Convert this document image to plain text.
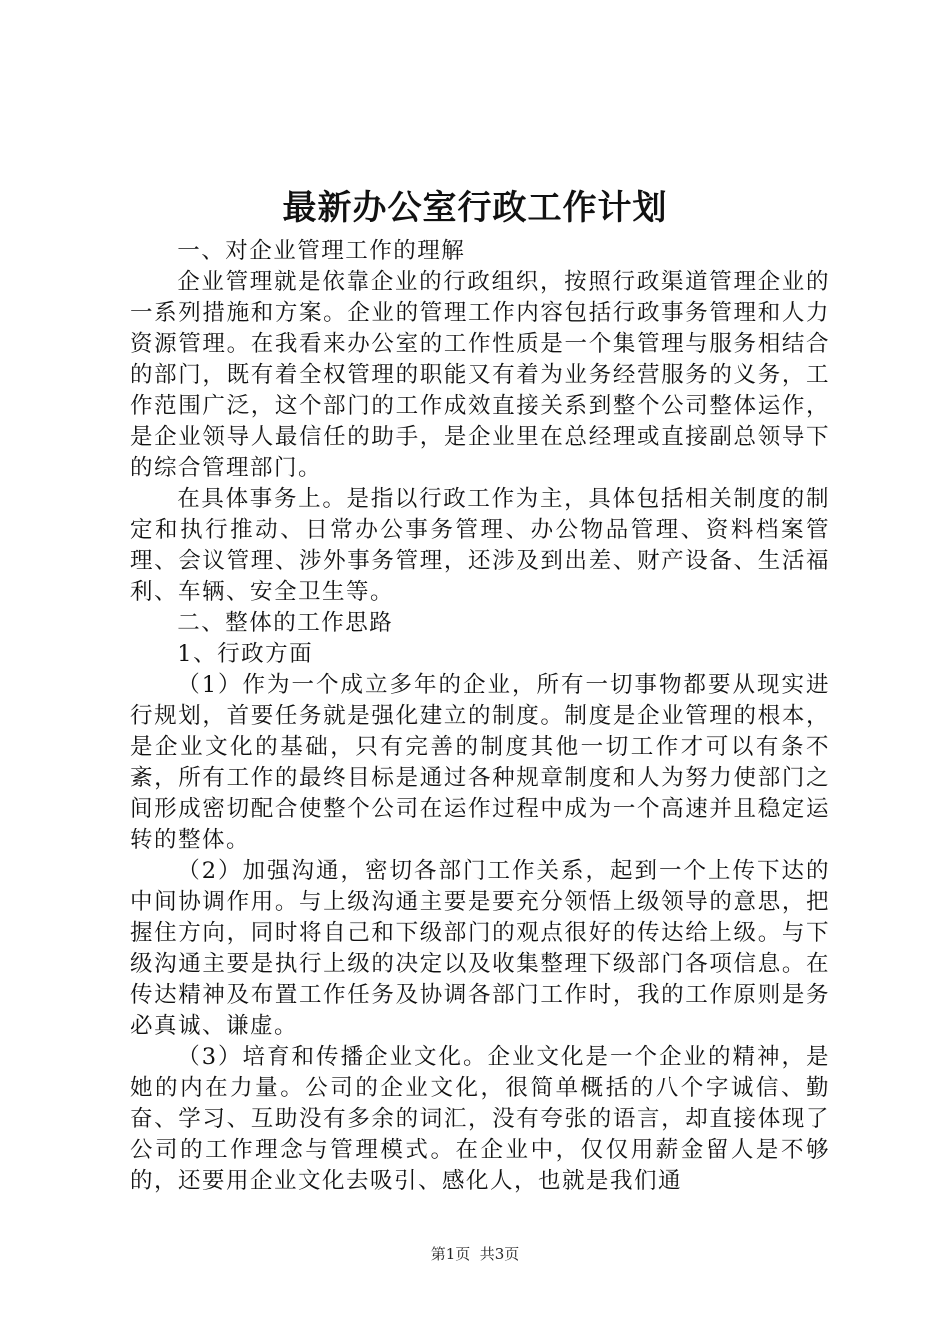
最新办公室行政工作计划

一、对企业管理工作的理解

企业管理就是依靠企业的行政组织，按照行政渠道管理企业的一系列措施和方案。企业的管理工作内容包括行政事务管理和人力资源管理。在我看来办公室的工作性质是一个集管理与服务相结合的部门，既有着全权管理的职能又有着为业务经营服务的义务，工作范围广泛，这个部门的工作成效直接关系到整个公司整体运作，是企业领导人最信任的助手，是企业里在总经理或直接副总领导下的综合管理部门。

在具体事务上。是指以行政工作为主，具体包括相关制度的制定和执行推动、日常办公事务管理、办公物品管理、资料档案管理、会议管理、涉外事务管理，还涉及到出差、财产设备、生活福利、车辆、安全卫生等。

二、整体的工作思路

1、行政方面

（1）作为一个成立多年的企业，所有一切事物都要从现实进行规划，首要任务就是强化建立的制度。制度是企业管理的根本，是企业文化的基础，只有完善的制度其他一切工作才可以有条不紊，所有工作的最终目标是通过各种规章制度和人为努力使部门之间形成密切配合使整个公司在运作过程中成为一个高速并且稳定运转的整体。

（2）加强沟通，密切各部门工作关系，起到一个上传下达的中间协调作用。与上级沟通主要是要充分领悟上级领导的意思，把握住方向，同时将自己和下级部门的观点很好的传达给上级。与下级沟通主要是执行上级的决定以及收集整理下级部门各项信息。在传达精神及布置工作任务及协调各部门工作时，我的工作原则是务必真诚、谦虚。

（3）培育和传播企业文化。企业文化是一个企业的精神，是她的内在力量。公司的企业文化，很简单概括的八个字诚信、勤奋、学习、互助没有多余的词汇，没有夸张的语言，却直接体现了公司的工作理念与管理模式。在企业中，仅仅用薪金留人是不够的，还要用企业文化去吸引、感化人，也就是我们通

第1页  共3页
